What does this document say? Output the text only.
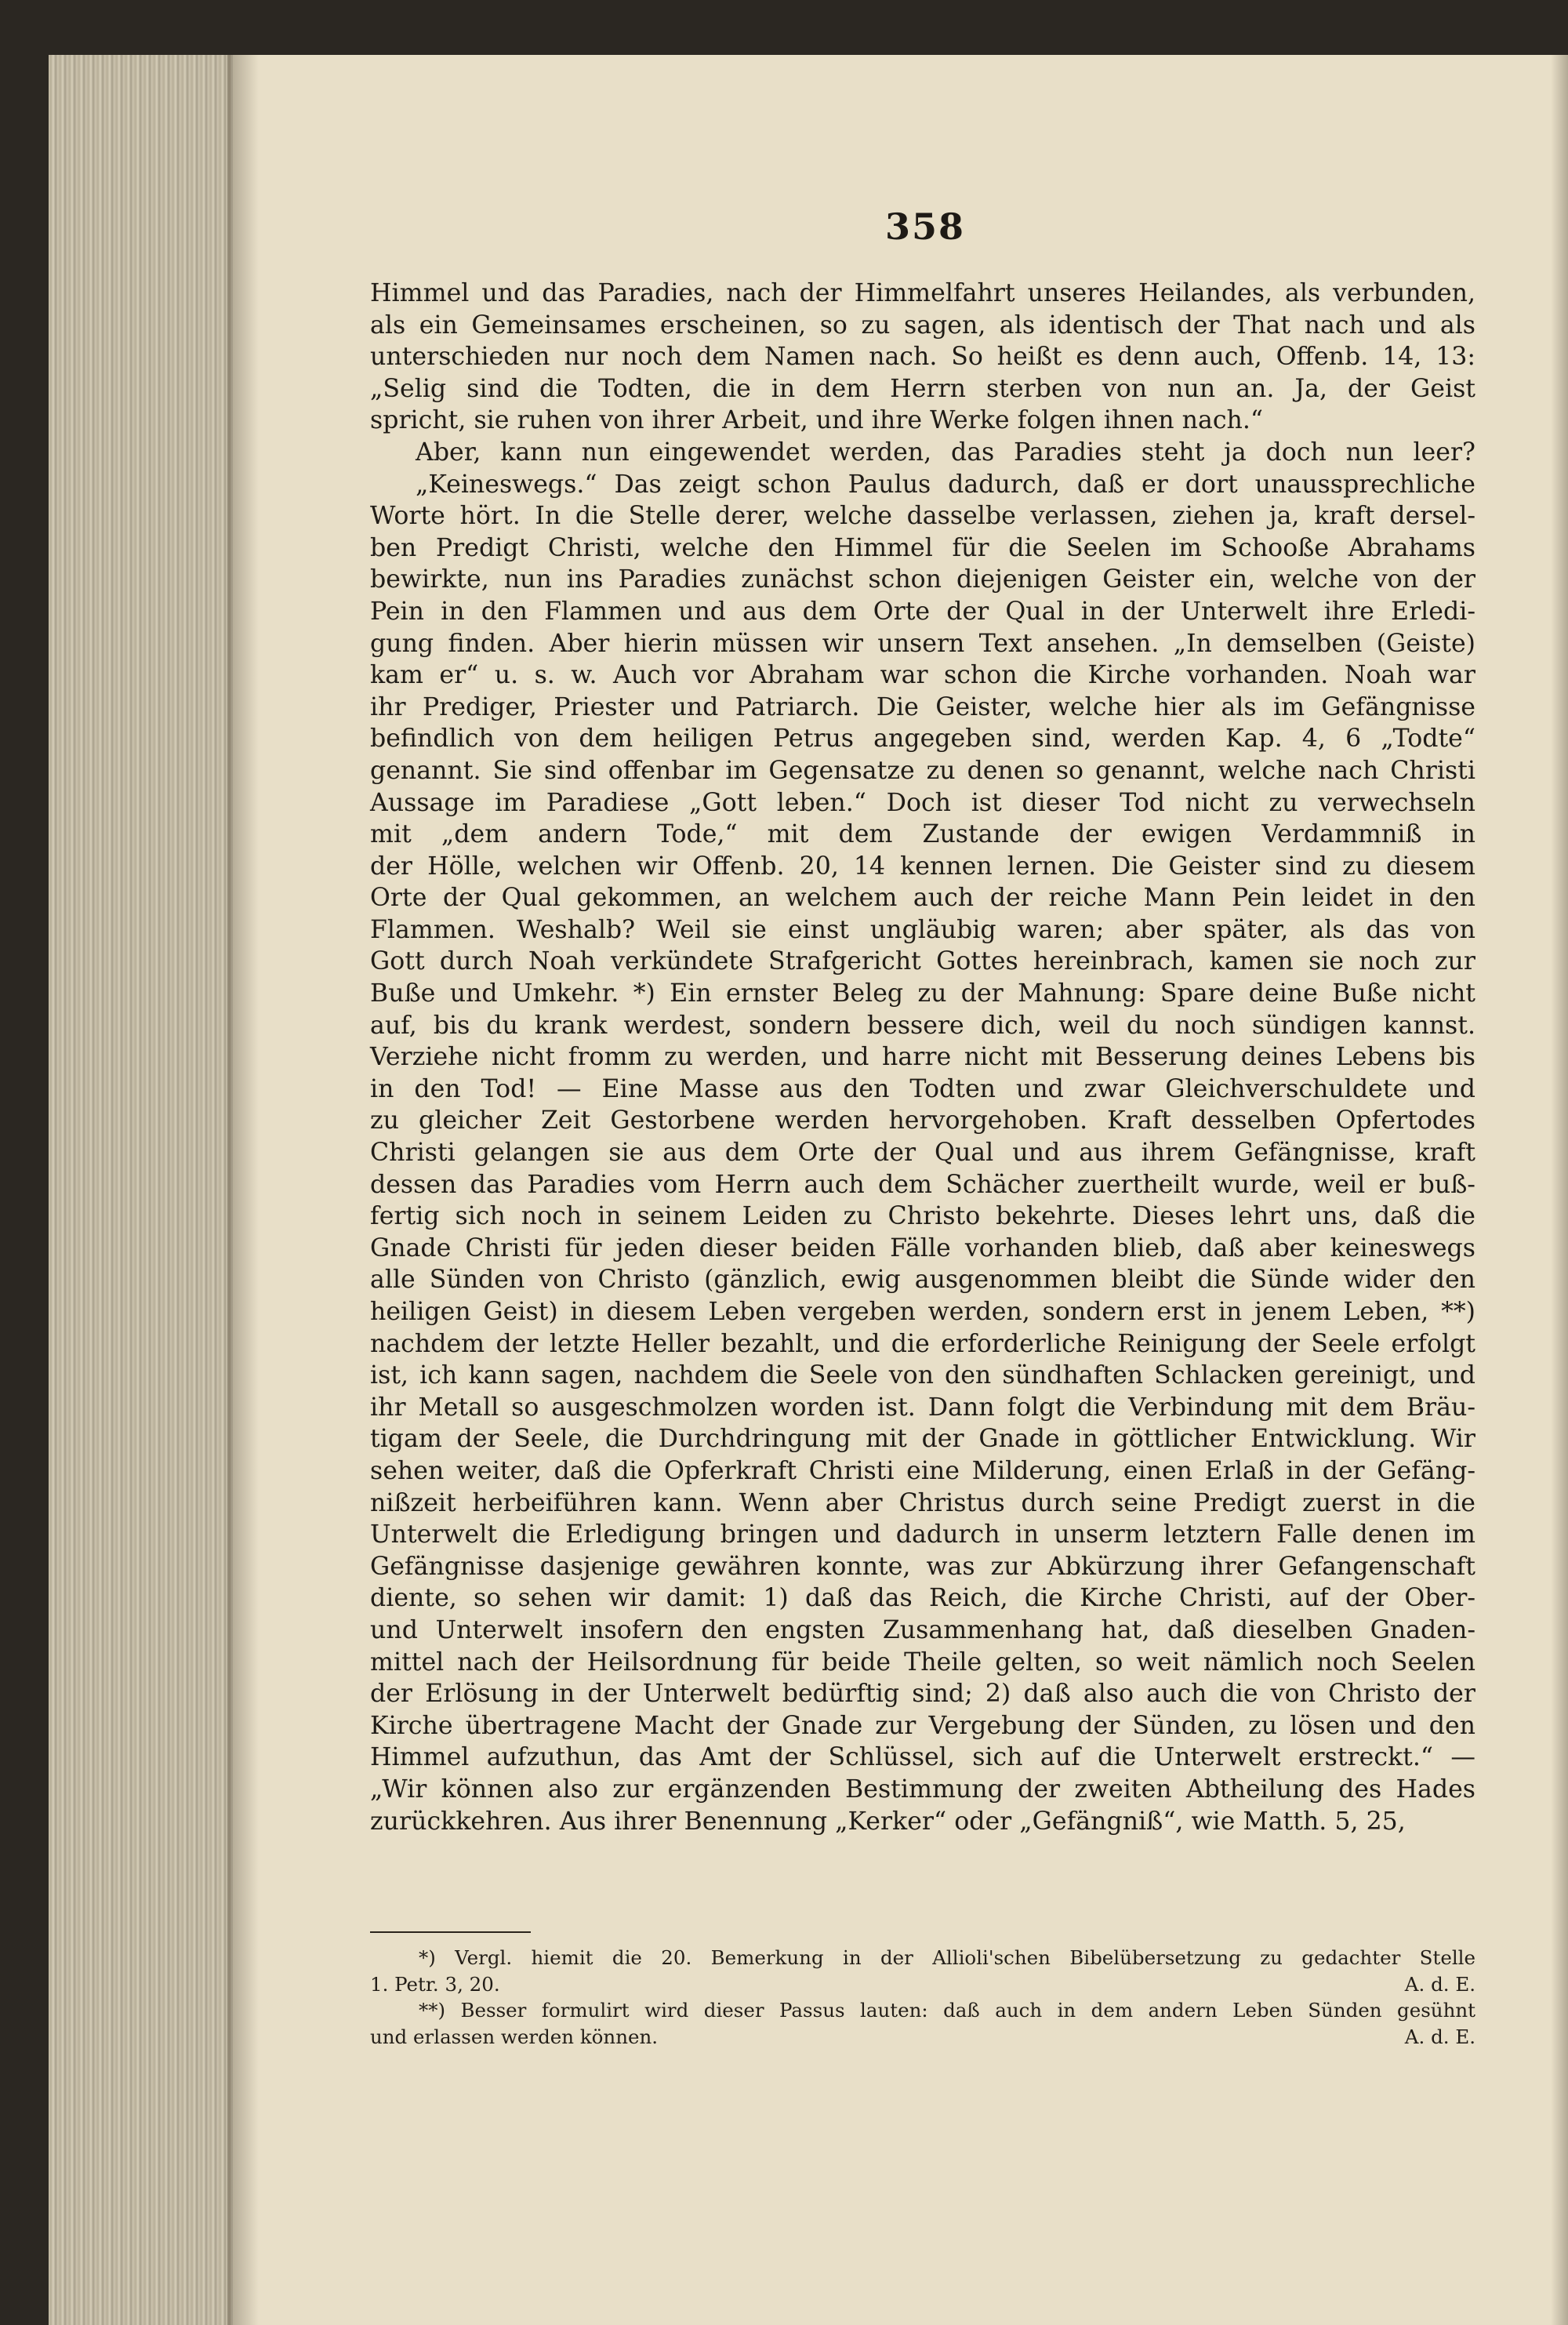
358
Himmel und das Paradies, nach der Himmelfahrt unseres Heilandes, als verbunden,
als ein Gemeinsames erscheinen, so zu sagen, als identisch der That nach und als
unterschieden nur noch dem Namen nach. So heißt es denn auch, Offenb. 14, 13:
„Selig sind die Todten, die in dem Herrn sterben von nun an. Ja, der Geist
spricht, sie ruhen von ihrer Arbeit, und ihre Werke folgen ihnen nach.“
Aber, kann nun eingewendet werden, das Paradies steht ja doch nun leer?
„Keineswegs.“ Das zeigt schon Paulus dadurch, daß er dort unaussprechliche
Worte hört. In die Stelle derer, welche dasselbe verlassen, ziehen ja, kraft dersel-
ben Predigt Christi, welche den Himmel für die Seelen im Schooße Abrahams
bewirkte, nun ins Paradies zunächst schon diejenigen Geister ein, welche von der
Pein in den Flammen und aus dem Orte der Qual in der Unterwelt ihre Erledi-
gung finden. Aber hierin müssen wir unsern Text ansehen. „In demselben (Geiste)
kam er“ u. s. w. Auch vor Abraham war schon die Kirche vorhanden. Noah war
ihr Prediger, Priester und Patriarch. Die Geister, welche hier als im Gefängnisse
befindlich von dem heiligen Petrus angegeben sind, werden Kap. 4, 6 „Todte“
genannt. Sie sind offenbar im Gegensatze zu denen so genannt, welche nach Christi
Aussage im Paradiese „Gott leben.“ Doch ist dieser Tod nicht zu verwechseln
mit „dem andern Tode,“ mit dem Zustande der ewigen Verdammniß in
der Hölle, welchen wir Offenb. 20, 14 kennen lernen. Die Geister sind zu diesem
Orte der Qual gekommen, an welchem auch der reiche Mann Pein leidet in den
Flammen. Weshalb? Weil sie einst ungläubig waren; aber später, als das von
Gott durch Noah verkündete Strafgericht Gottes hereinbrach, kamen sie noch zur
Buße und Umkehr. *) Ein ernster Beleg zu der Mahnung: Spare deine Buße nicht
auf, bis du krank werdest, sondern bessere dich, weil du noch sündigen kannst.
Verziehe nicht fromm zu werden, und harre nicht mit Besserung deines Lebens bis
in den Tod! — Eine Masse aus den Todten und zwar Gleichverschuldete und
zu gleicher Zeit Gestorbene werden hervorgehoben. Kraft desselben Opfertodes
Christi gelangen sie aus dem Orte der Qual und aus ihrem Gefängnisse, kraft
dessen das Paradies vom Herrn auch dem Schächer zuertheilt wurde, weil er buß-
fertig sich noch in seinem Leiden zu Christo bekehrte. Dieses lehrt uns, daß die
Gnade Christi für jeden dieser beiden Fälle vorhanden blieb, daß aber keineswegs
alle Sünden von Christo (gänzlich, ewig ausgenommen bleibt die Sünde wider den
heiligen Geist) in diesem Leben vergeben werden, sondern erst in jenem Leben, **)
nachdem der letzte Heller bezahlt, und die erforderliche Reinigung der Seele erfolgt
ist, ich kann sagen, nachdem die Seele von den sündhaften Schlacken gereinigt, und
ihr Metall so ausgeschmolzen worden ist. Dann folgt die Verbindung mit dem Bräu-
tigam der Seele, die Durchdringung mit der Gnade in göttlicher Entwicklung. Wir
sehen weiter, daß die Opferkraft Christi eine Milderung, einen Erlaß in der Gefäng-
nißzeit herbeiführen kann. Wenn aber Christus durch seine Predigt zuerst in die
Unterwelt die Erledigung bringen und dadurch in unserm letztern Falle denen im
Gefängnisse dasjenige gewähren konnte, was zur Abkürzung ihrer Gefangenschaft
diente, so sehen wir damit: 1) daß das Reich, die Kirche Christi, auf der Ober-
und Unterwelt insofern den engsten Zusammenhang hat, daß dieselben Gnaden-
mittel nach der Heilsordnung für beide Theile gelten, so weit nämlich noch Seelen
der Erlösung in der Unterwelt bedürftig sind; 2) daß also auch die von Christo der
Kirche übertragene Macht der Gnade zur Vergebung der Sünden, zu lösen und den
Himmel aufzuthun, das Amt der Schlüssel, sich auf die Unterwelt erstreckt.“ —
„Wir können also zur ergänzenden Bestimmung der zweiten Abtheilung des Hades
zurückkehren. Aus ihrer Benennung „Kerker“ oder „Gefängniß“, wie Matth. 5, 25,
*) Vergl. hiemit die 20. Bemerkung in der Allioli'schen Bibelübersetzung zu gedachter Stelle
1. Petr. 3, 20.	A. d. E.
**) Besser formulirt wird dieser Passus lauten: daß auch in dem andern Leben Sünden gesühnt
und erlassen werden können.	A. d. E.
